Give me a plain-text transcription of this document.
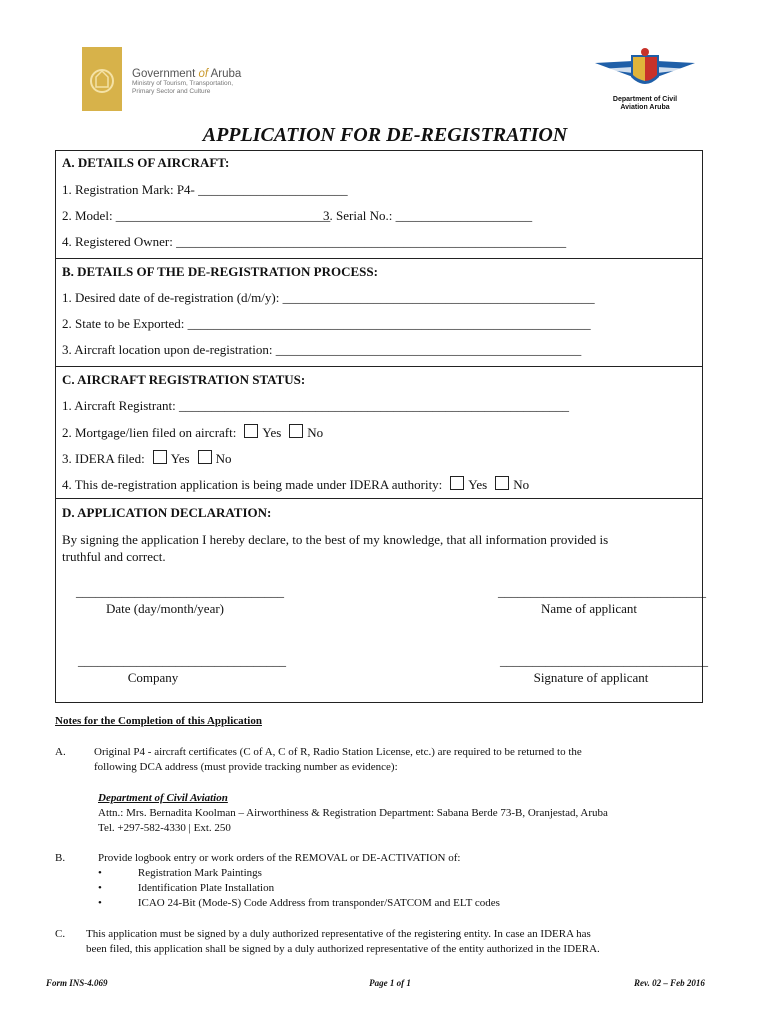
Government of Aruba
Ministry of Tourism, Transportation,
Primary Sector and Culture
Department of Civil
Aviation Aruba
APPLICATION FOR DE-REGISTRATION
A. DETAILS OF AIRCRAFT:
1. Registration Mark: P4- _______________________
2. Model: _________________________________
3. Serial No.: _____________________
4. Registered Owner: ____________________________________________________________
B. DETAILS OF THE DE-REGISTRATION PROCESS:
1. Desired date of de-registration (d/m/y): ________________________________________________
2. State to be Exported: ______________________________________________________________
3. Aircraft location upon de-registration: _______________________________________________
C. AIRCRAFT REGISTRATION STATUS:
1. Aircraft Registrant: ____________________________________________________________
2. Mortgage/lien filed on aircraft: Yes No
3. IDERA filed: Yes No
4. This de-registration application is being made under IDERA authority: Yes No
D. APPLICATION DECLARATION:
By signing the application I hereby declare, to the best of my knowledge, that all information provided is
truthful and correct.
________________________________
Date (day/month/year)
________________________________
Name of applicant
________________________________
Company
________________________________
Signature of applicant
Notes for the Completion of this Application
A.	Original P4 - aircraft certificates (C of A, C of R, Radio Station License, etc.) are required to be returned to the
following DCA address (must provide tracking number as evidence):
Department of Civil Aviation
Attn.: Mrs. Bernadita Koolman – Airworthiness & Registration Department: Sabana Berde 73-B, Oranjestad, Aruba
Tel. +297-582-4330 | Ext. 250
B.	Provide logbook entry or work orders of the REMOVAL or DE-ACTIVATION of:
•	Registration Mark Paintings
•	Identification Plate Installation
•	ICAO 24-Bit (Mode-S) Code Address from transponder/SATCOM and ELT codes
C. This application must be signed by a duly authorized representative of the registering entity. In case an IDERA has
been filed, this application shall be signed by a duly authorized representative of the entity authorized in the IDERA.
Form INS-4.069	Page 1 of 1	Rev. 02 – Feb 2016
